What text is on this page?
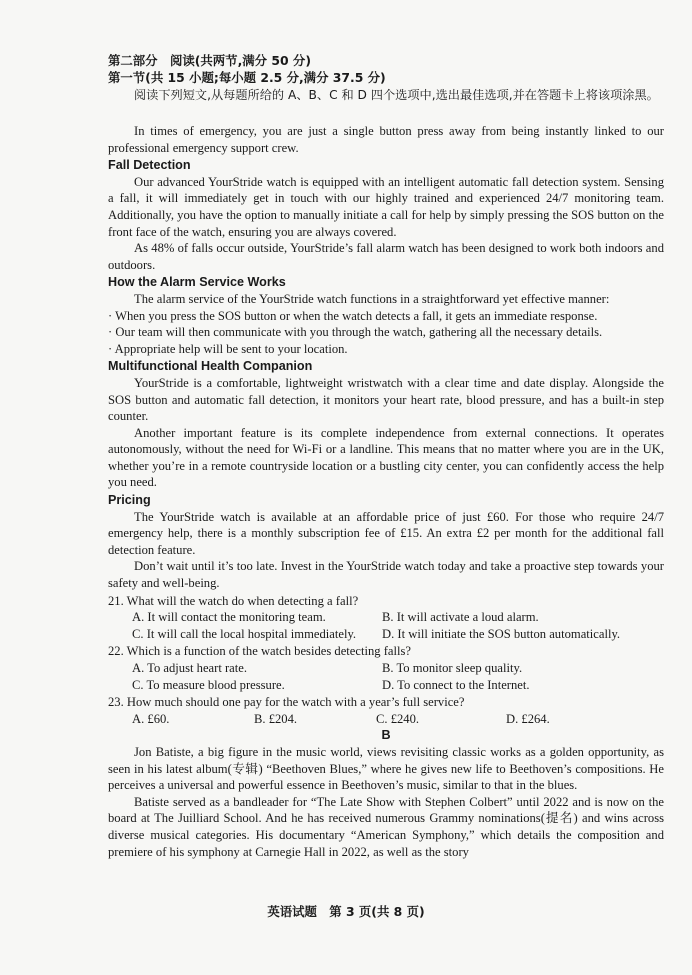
第二部分　阅读(共两节,满分 50 分)
第一节(共 15 小题;每小题 2.5 分,满分 37.5 分)
阅读下列短文,从每题所给的 A、B、C 和 D 四个选项中,选出最佳选项,并在答题卡上将该项涂黑。

In times of emergency, you are just a single button press away from being instantly linked to our professional emergency support crew.

Fall Detection

Our advanced YourStride watch is equipped with an intelligent automatic fall detection system. Sensing a fall, it will immediately get in touch with our highly trained and experienced 24/7 monitoring team. Additionally, you have the option to manually initiate a call for help by simply pressing the SOS button on the front face of the watch, ensuring you are always covered.

As 48% of falls occur outside, YourStride’s fall alarm watch has been designed to work both indoors and outdoors.

How the Alarm Service Works

The alarm service of the YourStride watch functions in a straightforward yet effective manner:

· When you press the SOS button or when the watch detects a fall, it gets an immediate response.

· Our team will then communicate with you through the watch, gathering all the necessary details.

· Appropriate help will be sent to your location.

Multifunctional Health Companion

YourStride is a comfortable, lightweight wristwatch with a clear time and date display. Alongside the SOS button and automatic fall detection, it monitors your heart rate, blood pressure, and has a built-in step counter.

Another important feature is its complete independence from external connections. It operates autonomously, without the need for Wi-Fi or a landline. This means that no matter where you are in the UK, whether you’re in a remote countryside location or a bustling city center, you can confidently access the help you need.

Pricing

The YourStride watch is available at an affordable price of just £60. For those who require 24/7 emergency help, there is a monthly subscription fee of £15. An extra £2 per month for the additional fall detection feature.

Don’t wait until it’s too late. Invest in the YourStride watch today and take a proactive step towards your safety and well-being.

21. What will the watch do when detecting a fall?
A. It will contact the monitoring team.	B. It will activate a loud alarm.
C. It will call the local hospital immediately.	D. It will initiate the SOS button automatically.
22. Which is a function of the watch besides detecting falls?
A. To adjust heart rate.	B. To monitor sleep quality.
C. To measure blood pressure.	D. To connect to the Internet.
23. How much should one pay for the watch with a year’s full service?
A. £60.	B. £204.	C. £240.	D. £264.
B

Jon Batiste, a big figure in the music world, views revisiting classic works as a golden opportunity, as seen in his latest album(专辑) “Beethoven Blues,” where he gives new life to Beethoven’s compositions. He perceives a universal and powerful essence in Beethoven’s music, similar to that in the blues.

Batiste served as a bandleader for “The Late Show with Stephen Colbert” until 2022 and is now on the board at The Juilliard School. And he has received numerous Grammy nominations(提名) and wins across diverse musical categories. His documentary “American Symphony,” which details the composition and premiere of his symphony at Carnegie Hall in 2022, as well as the story

英语试题　第 3 页(共 8 页)
